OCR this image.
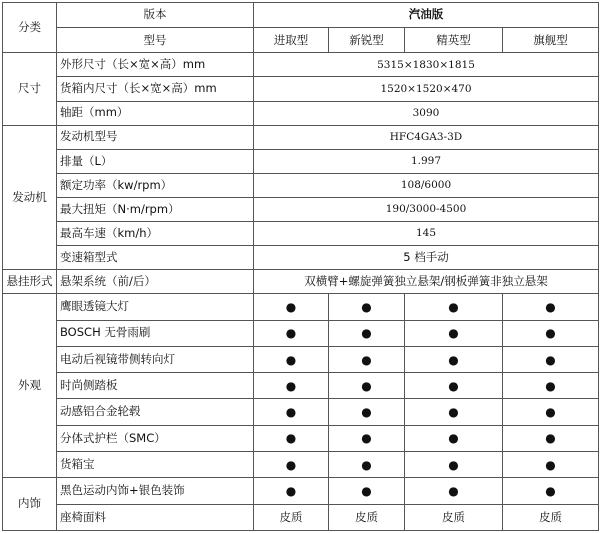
分类	版本	汽油版			
	型号	进取型	新锐型	精英型	旗舰型
尺寸	外形尺寸（长×宽×高）mm	5315×1830×1815			
	货箱内尺寸（长×宽×高）mm	1520×1520×470			
	轴距（mm）	3090			
发动机	发动机型号	HFC4GA3-3D			
	排量（L）	1.997			
	额定功率（kw/rpm）	108/6000			
	最大扭矩（N·m/rpm）	190/3000-4500			
	最高车速（km/h）	145			
	变速箱型式	5 档手动			
悬挂形式	悬架系统（前/后）	双横臂+螺旋弹簧独立悬架/钢板弹簧非独立悬架			
外观	鹰眼透镜大灯	●	●	●	●
	BOSCH 无骨雨刷	●	●	●	●
	电动后视镜带侧转向灯	●	●	●	●
	时尚侧踏板	●	●	●	●
	动感铝合金轮毂	●	●	●	●
	分体式护栏（SMC）	●	●	●	●
	货箱宝	●	●	●	●
内饰	黑色运动内饰+银色装饰	●	●	●	●
	座椅面料	皮质	皮质	皮质	皮质
